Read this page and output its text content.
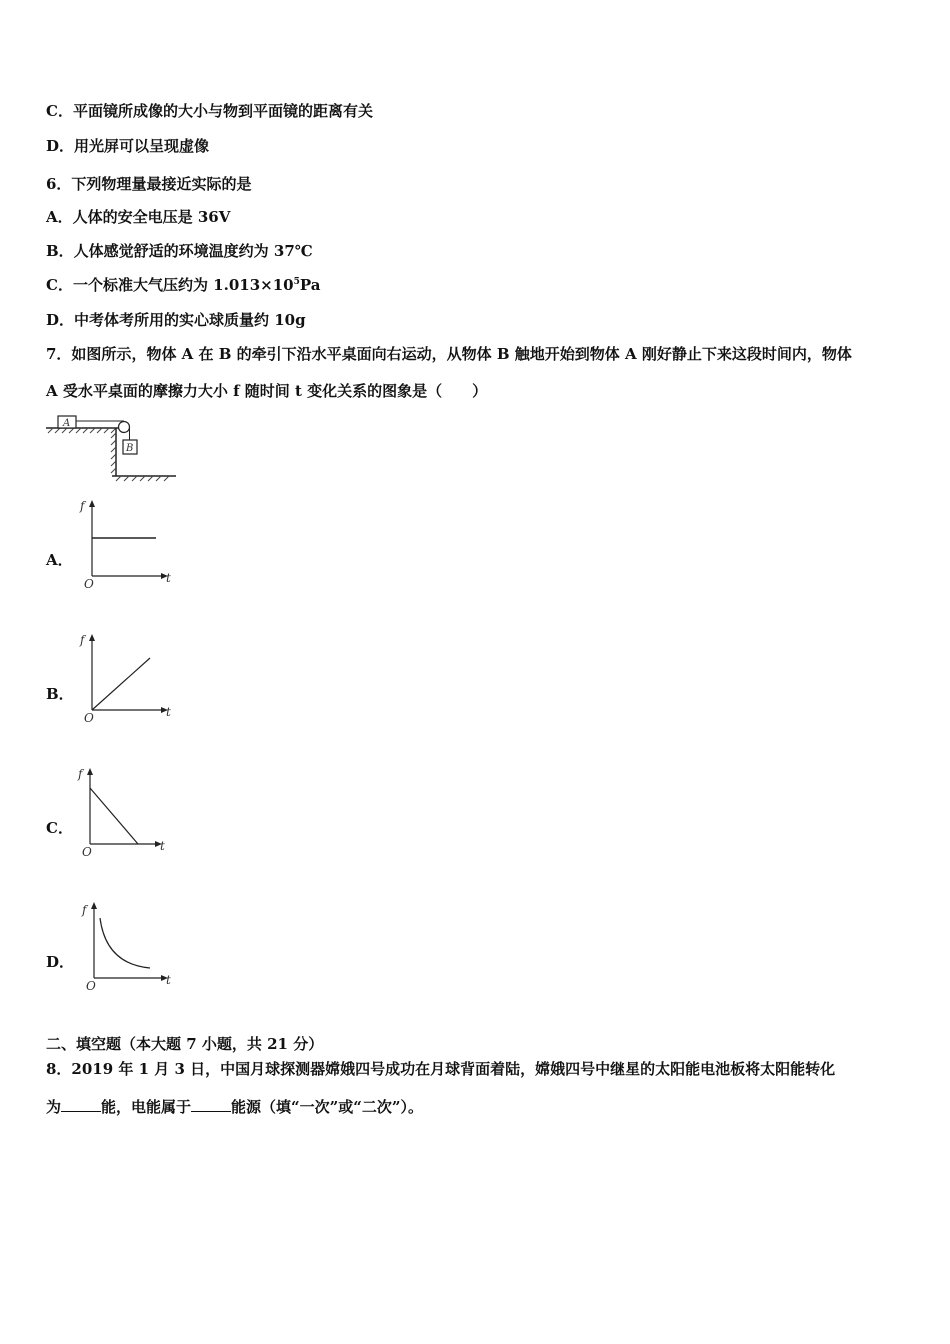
C．平面镜所成像的大小与物到平面镜的距离有关
D．用光屏可以呈现虚像
6．下列物理量最接近实际的是
A．人体的安全电压是 36V
B．人体感觉舒适的环境温度约为 37℃
C．一个标准大气压约为 $1.013\times 10^5Pa$
D．中考体考所用的实心球质量约 10g
7．如图所示，物体 A 在 B 的牵引下沿水平桌面向右运动，从物体 B 触地开始到物体 A 刚好静止下来这段时间内，物体
A 受水平桌面的摩擦力大小 f 随时间 t 变化关系的图象是（　　）
A
B
A．
f
t
O
B．
f
t
O
C．
f
t
O
D．
f
t
O
二、填空题（本大题 7 小题，共 21 分）
8．2019 年 1 月 3 日，中国月球探测器嫦娥四号成功在月球背面着陆，嫦娥四号中继星的太阳能电池板将太阳能转化
为	能，电能属于	能源（填“一次”或“二次”）。
